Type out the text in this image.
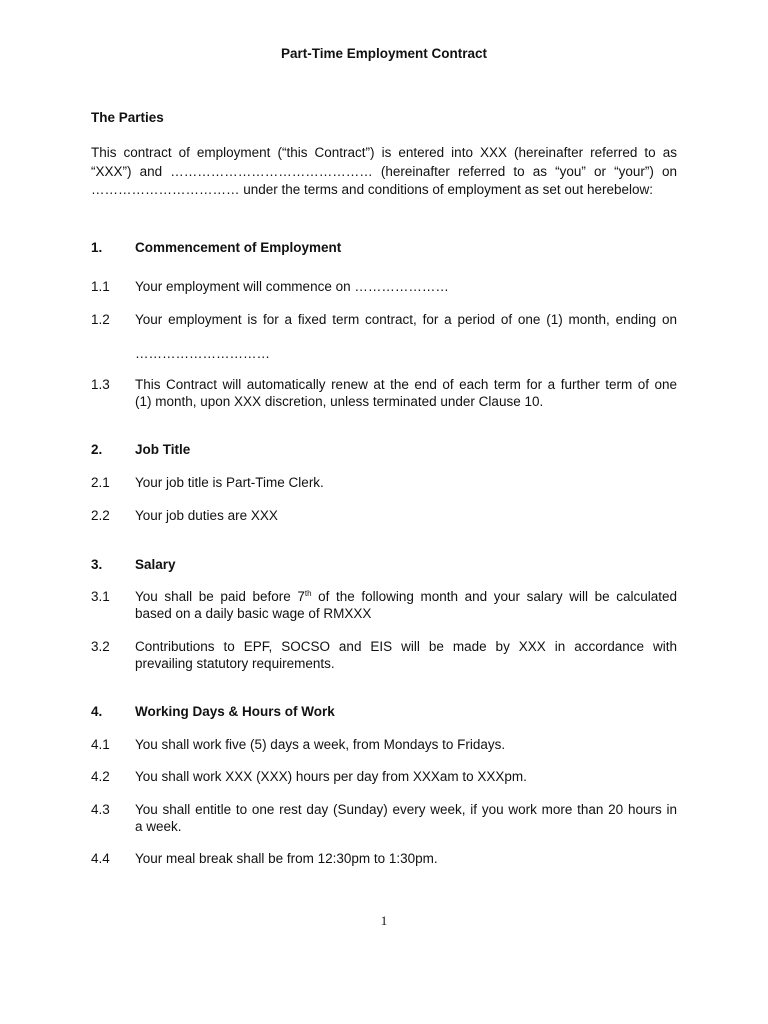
Part-Time Employment Contract
The Parties
This contract of employment (“this Contract”) is entered into XXX (hereinafter referred to as
“XXX”) and ……………………………………… (hereinafter referred to as “you” or “your”) on
…………………………… under the terms and conditions of employment as set out herebelow:
1. Commencement of Employment
1.1 Your employment will commence on …………………
1.2 Your employment is for a fixed term contract, for a period of one (1) month, ending on
…………………………
1.3 This Contract will automatically renew at the end of each term for a further term of one
(1) month, upon XXX discretion, unless terminated under Clause 10.
2. Job Title
2.1 Your job title is Part-Time Clerk.
2.2 Your job duties are XXX
3. Salary
3.1 You shall be paid before 7th of the following month and your salary will be calculated
based on a daily basic wage of RMXXX
3.2 Contributions to EPF, SOCSO and EIS will be made by XXX in accordance with
prevailing statutory requirements.
4. Working Days & Hours of Work
4.1 You shall work five (5) days a week, from Mondays to Fridays.
4.2 You shall work XXX (XXX) hours per day from XXXam to XXXpm.
4.3 You shall entitle to one rest day (Sunday) every week, if you work more than 20 hours in
a week.
4.4 Your meal break shall be from 12:30pm to 1:30pm.
1
